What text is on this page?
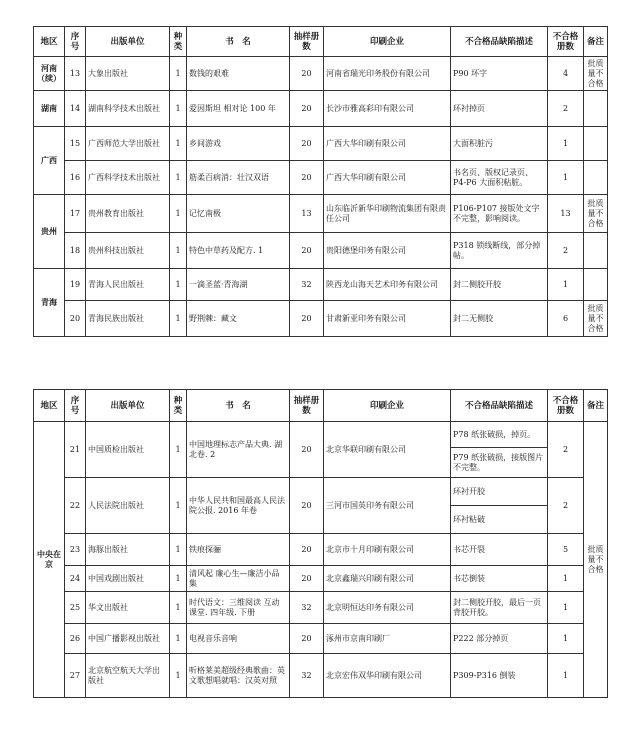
地区	序号	出版单位	种类	书　名	抽样册数	印刷企业	不合格品缺陷描述	不合格册数	备注
河南（续）	13	大象出版社	1	数钱的艰难	20	河南省瑞光印务股份有限公司	P90 坏字	4	批质量不合格
湖南	14	湖南科学技术出版社	1	爱因斯坦 相对论 100 年	20	长沙市雅高彩印有限公司	环衬掉页	2	
广西	15	广西师范大学出版社	1	乡间游戏	20	广西大华印刷有限公司	大面积脏污	1	
	16	广西科学技术出版社	1	筋柔百病消：壮汉双语	20	广西大华印刷有限公司	书名页、版权记录页、P4-P6 大面积粘脏。	1	
贵州	17	贵州教育出版社	1	记忆南极	13	山东临沂新华印刷物流集团有限责任公司	P106-P107 接版处文字不完整，影响阅读。	13	批质量不合格
	18	贵州科技出版社	1	特色中草药及配方. 1	20	贵阳德堡印务有限公司	P318 锁线断线，部分掉帖。	2	
青海	19	青海人民出版社	1	一滴圣蓝·青海湖	32	陕西龙山海天艺术印务有限公司	封二侧胶开胶	1	
	20	青海民族出版社	1	野荆棘：藏文	20	甘肃新亚印务有限公司	封二无侧胶	6	批质量不合格
地区	序号	出版单位	种类	书　名	抽样册数	印刷企业	不合格品缺陷描述	不合格册数	备注
中央在京	21	中国质检出版社	1	中国地理标志产品大典. 湖北卷. 2	20	北京华联印刷有限公司	P78 纸张破损，掉页。	2	批质量不合格
							P79 纸张破损，接版图片不完整。		
	22	人民法院出版社	1	中华人民共和国最高人民法院公报. 2016 年卷	20	三河市国英印务有限公司	环衬开胶	2	
							环衬粘破		
	23	海豚出版社	1	铁痕探骊	20	北京市十月印刷有限公司	书芯开裂	5	
	24	中国戏剧出版社	1	清风起 廉心生—廉洁小品集	20	北京鑫瑞兴印刷有限公司	书芯倒装	1	
	25	华文出版社	1	时代语文：三维阅读 互动课堂. 四年级. 下册	32	北京明恒达印务有限公司	封二侧胶开胶，最后一页背胶开胶。	1	
	26	中国广播影视出版社	1	电视音乐音响	20	涿州市京南印刷厂	P222 部分掉页	1	
	27	北京航空航天大学出版社	1	听格莱美超级经典歌曲：英文歌想唱就唱：汉英对照	32	北京宏伟双华印刷有限公司	P309-P316 倒装	1	
